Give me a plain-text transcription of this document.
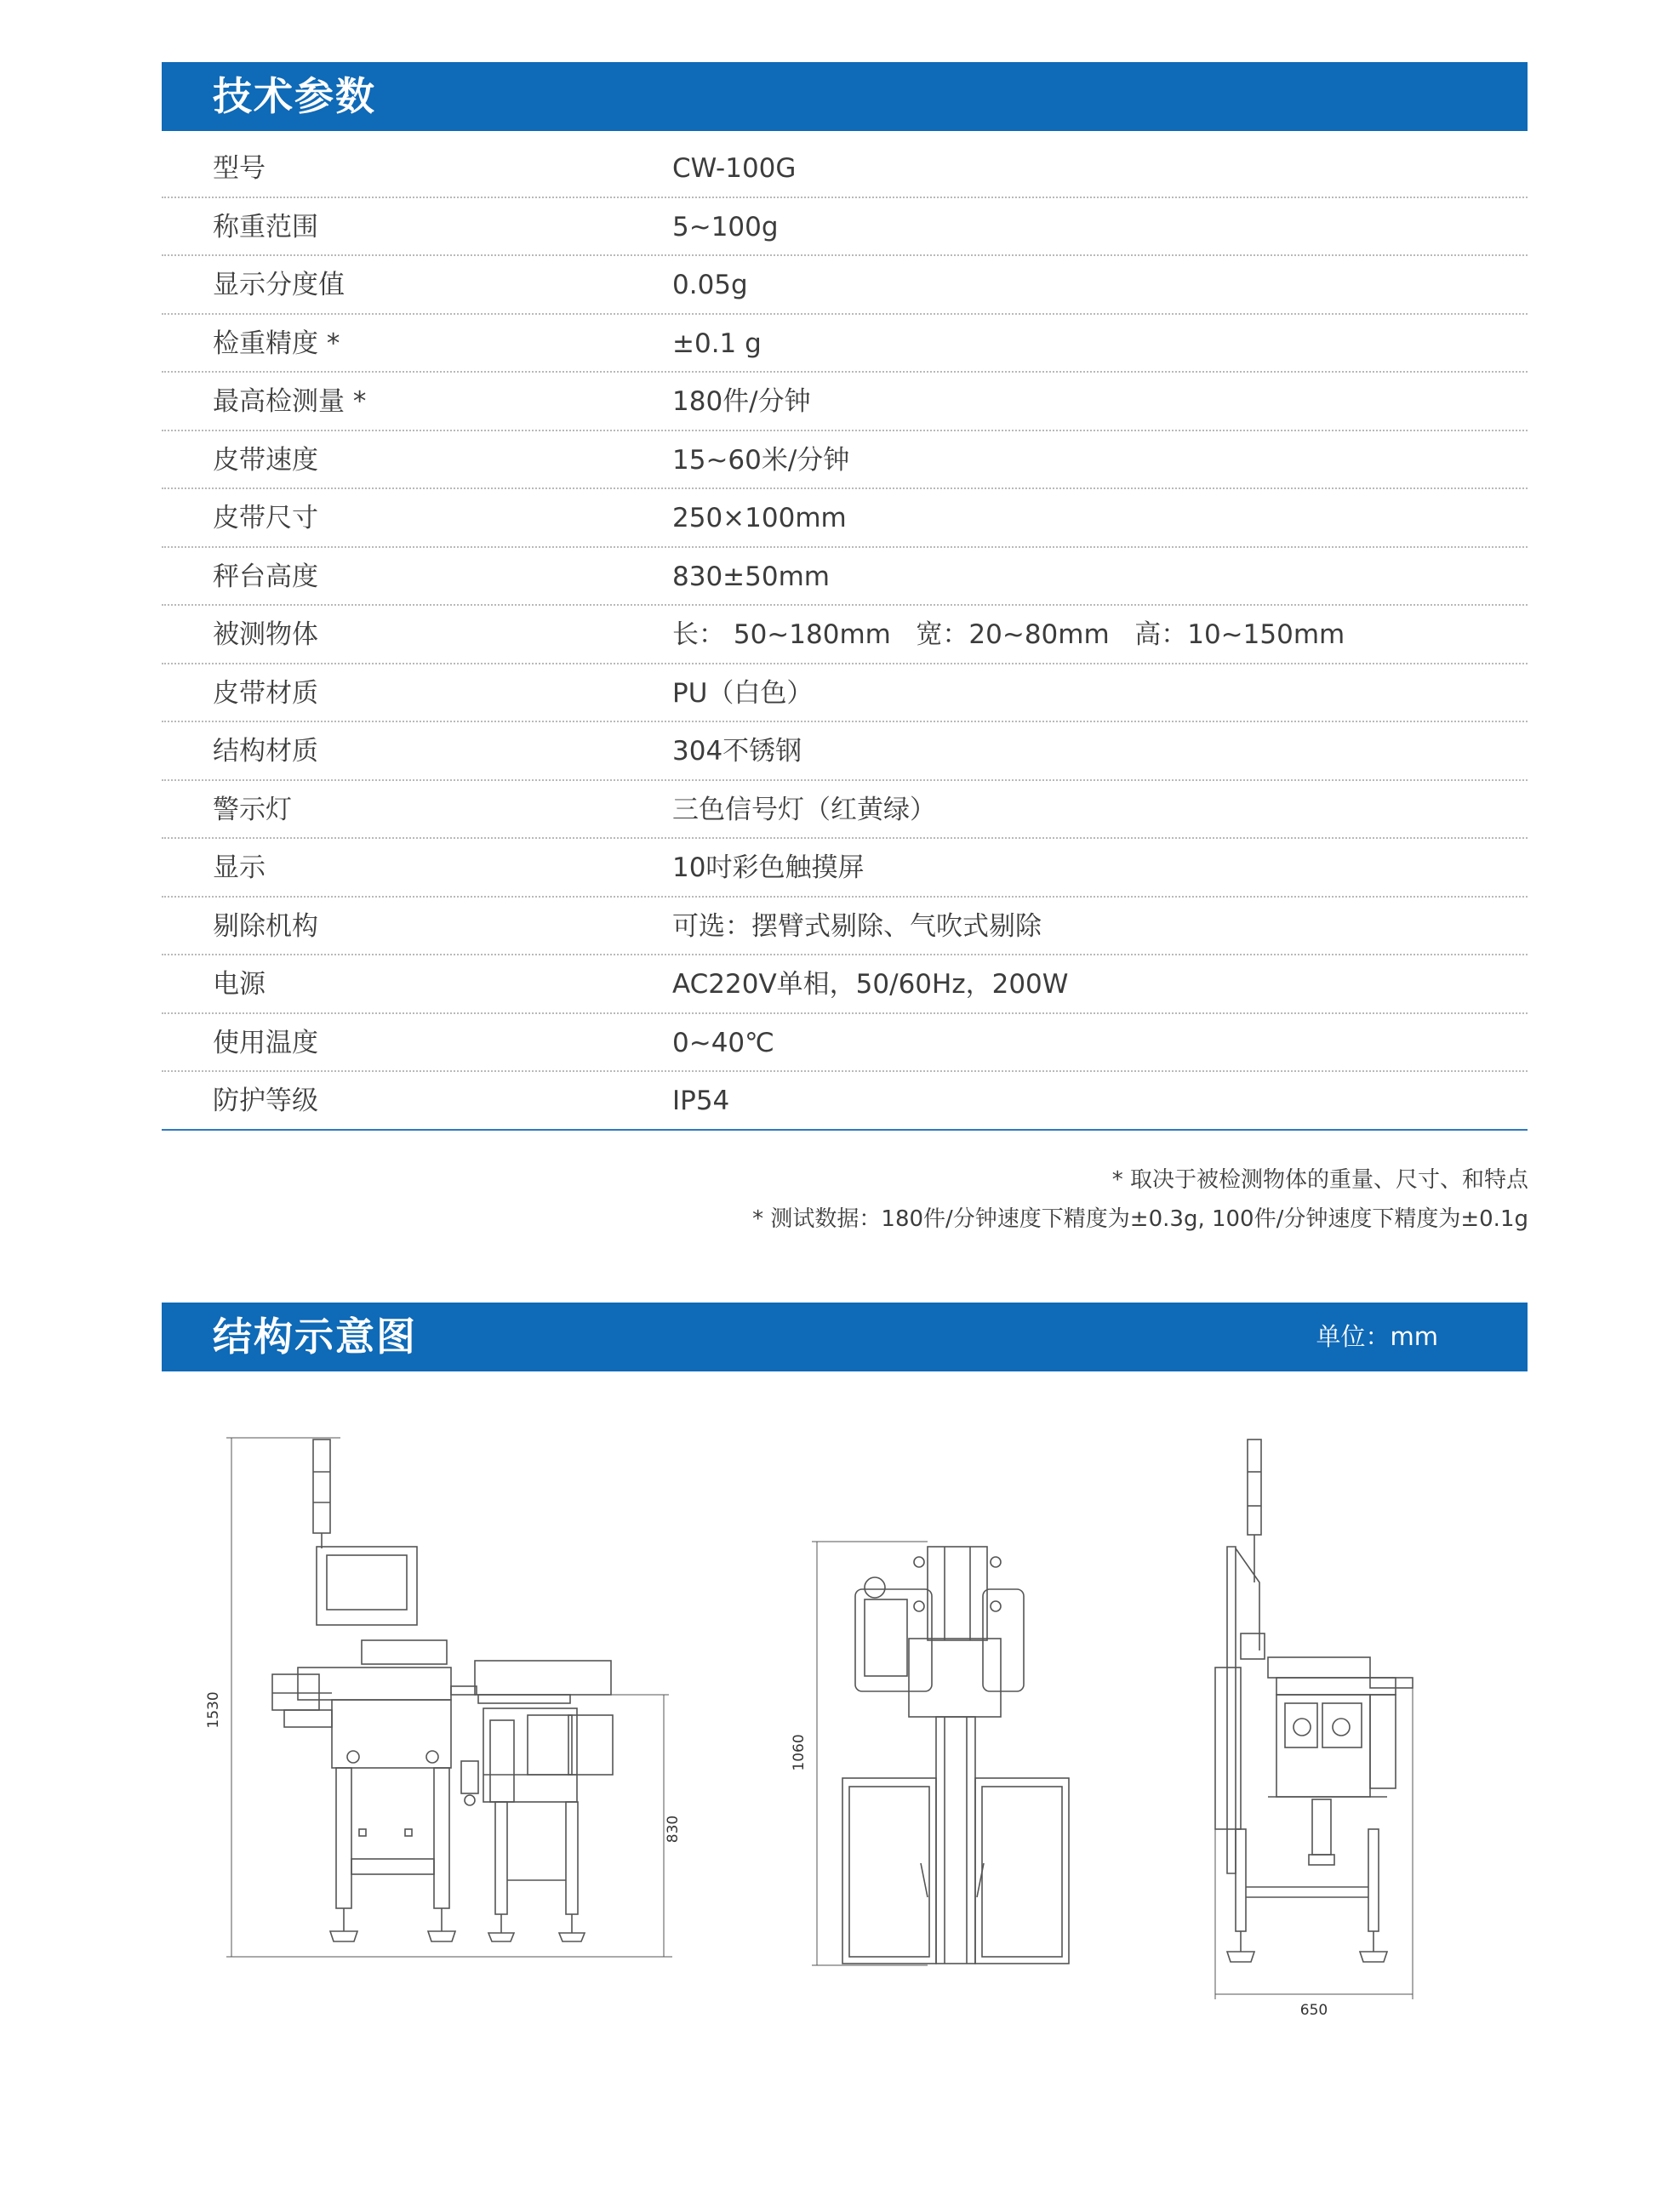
技术参数
型号	CW-100G
称重范围	5~100g
显示分度值	0.05g
检重精度 *	±0.1 g
最高检测量 *	180件/分钟
皮带速度	15~60米/分钟
皮带尺寸	250×100mm
秤台高度	830±50mm
被测物体	长： 50~180mm   宽：20~80mm   高：10~150mm
皮带材质	PU（白色）
结构材质	304不锈钢
警示灯	三色信号灯（红黄绿）
显示	10吋彩色触摸屏
剔除机构	可选：摆臂式剔除、气吹式剔除
电源	AC220V单相，50/60Hz，200W
使用温度	0~40℃
防护等级	IP54
* 取决于被检测物体的重量、尺寸、和特点
* 测试数据：180件/分钟速度下精度为±0.3g, 100件/分钟速度下精度为±0.1g
结构示意图	单位：mm
1530
830
1060
650
